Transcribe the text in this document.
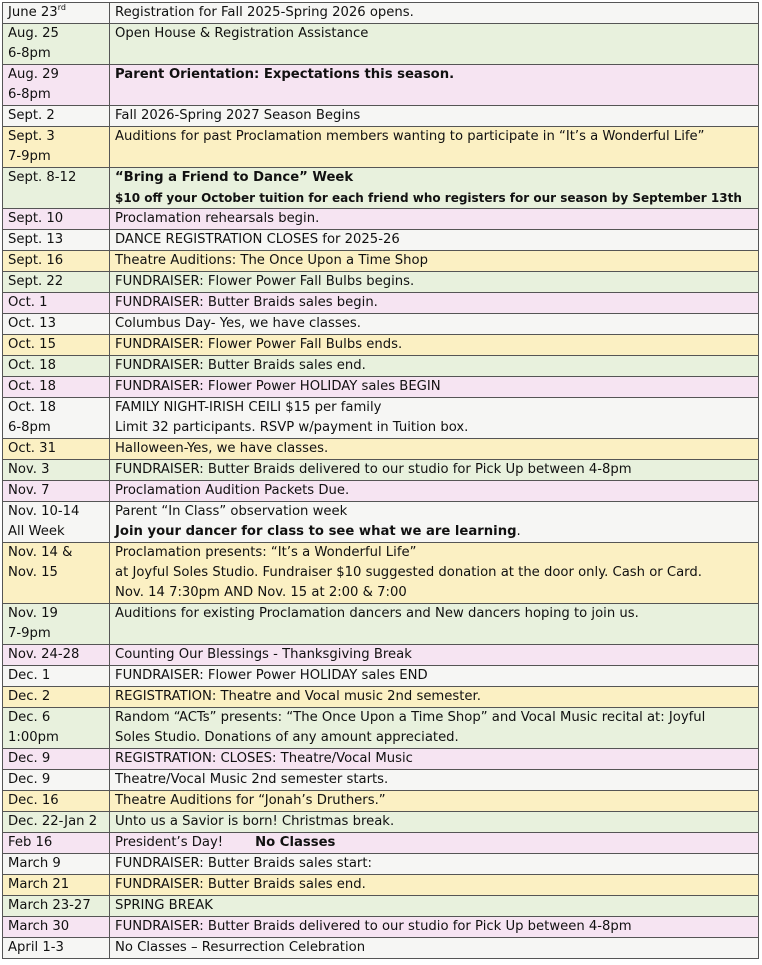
June 23rd	Registration for Fall 2025-Spring 2026 opens.

Aug. 25
6-8pm	Open House & Registration Assistance

Aug. 29
6-8pm	Parent Orientation: Expectations this season.
Sept. 2	Fall 2026-Spring 2027 Season Begins

Sept. 3
7-9pm	Auditions for past Proclamation members wanting to participate in “It’s a Wonderful Life”
Sept. 8-12	“Bring a Friend to Dance” Week
$10 off your October tuition for each friend who registers for our season by September 13th

Sept. 10	Proclamation rehearsals begin.
Sept. 13	DANCE REGISTRATION CLOSES for 2025-26
Sept. 16	Theatre Auditions: The Once Upon a Time Shop
Sept. 22	FUNDRAISER: Flower Power Fall Bulbs begins.
Oct. 1	FUNDRAISER: Butter Braids sales begin.
Oct. 13	Columbus Day- Yes, we have classes.
Oct. 15	FUNDRAISER: Flower Power Fall Bulbs ends.
Oct. 18	FUNDRAISER: Butter Braids sales end.
Oct. 18	FUNDRAISER: Flower Power HOLIDAY sales BEGIN

Oct. 18
6-8pm	FAMILY NIGHT-IRISH CEILI $15 per family
Limit 32 participants. RSVP w/payment in Tuition box.

Oct. 31	Halloween-Yes, we have classes.
Nov. 3	FUNDRAISER: Butter Braids delivered to our studio for Pick Up between 4-8pm
Nov. 7	Proclamation Audition Packets Due.

Nov. 10-14
All Week	Parent “In Class” observation week
Join your dancer for class to see what we are learning.

Nov. 14 &
Nov. 15	Proclamation presents: “It’s a Wonderful Life”
at Joyful Soles Studio. Fundraiser $10 suggested donation at the door only. Cash or Card.
Nov. 14 7:30pm AND Nov. 15 at 2:00 & 7:00

Nov. 19
7-9pm	Auditions for existing Proclamation dancers and New dancers hoping to join us.
Nov. 24-28	Counting Our Blessings - Thanksgiving Break
Dec. 1	FUNDRAISER: Flower Power HOLIDAY sales END
Dec. 2	REGISTRATION: Theatre and Vocal music 2nd semester.

Dec. 6
1:00pm	Random “ACTs” presents: “The Once Upon a Time Shop” and Vocal Music recital at: Joyful
Soles Studio. Donations of any amount appreciated.

Dec. 9	REGISTRATION: CLOSES: Theatre/Vocal Music
Dec. 9	Theatre/Vocal Music 2nd semester starts.
Dec. 16	Theatre Auditions for “Jonah’s Druthers.”
Dec. 22-Jan 2	Unto us a Savior is born! Christmas break.
Feb 16	President’s Day! No Classes
March 9	FUNDRAISER: Butter Braids sales start:
March 21	FUNDRAISER: Butter Braids sales end.
March 23-27	SPRING BREAK
March 30	FUNDRAISER: Butter Braids delivered to our studio for Pick Up between 4-8pm
April 1-3	No Classes – Resurrection Celebration
